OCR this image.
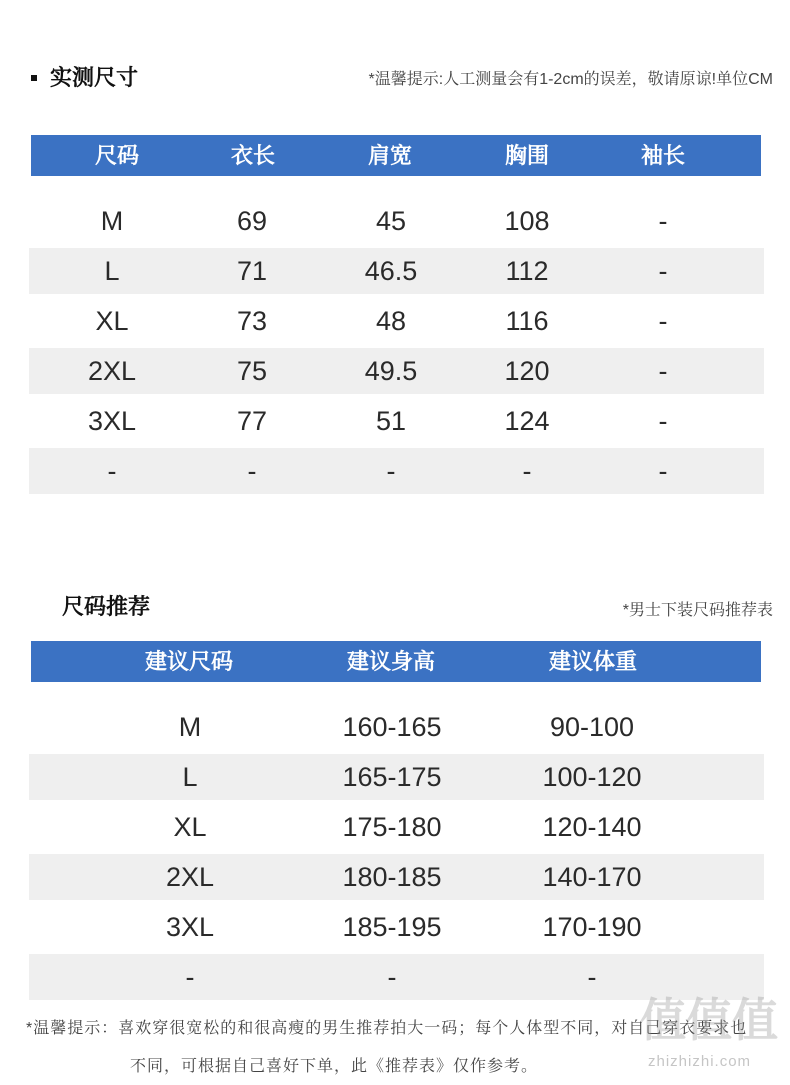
实测尺寸	*温馨提示:人工测量会有1-2cm的误差，敬请原谅!单位CM
尺码	衣长	肩宽	胸围	袖长
M	69	45	108	-
L	71	46.5	112	-
XL	73	48	116	-
2XL	75	49.5	120	-
3XL	77	51	124	-
-	-	-	-	-
尺码推荐	*男士下装尺码推荐表
建议尺码	建议身高	建议体重
M	160-165	90-100
L	165-175	100-120
XL	175-180	120-140
2XL	180-185	140-170
3XL	185-195	170-190
-	-	-
*温馨提示：喜欢穿很宽松的和很高瘦的男生推荐拍大一码；每个人体型不同，对自己穿衣要求也
不同，可根据自己喜好下单，此《推荐表》仅作参考。
值值值
zhizhizhi.com
